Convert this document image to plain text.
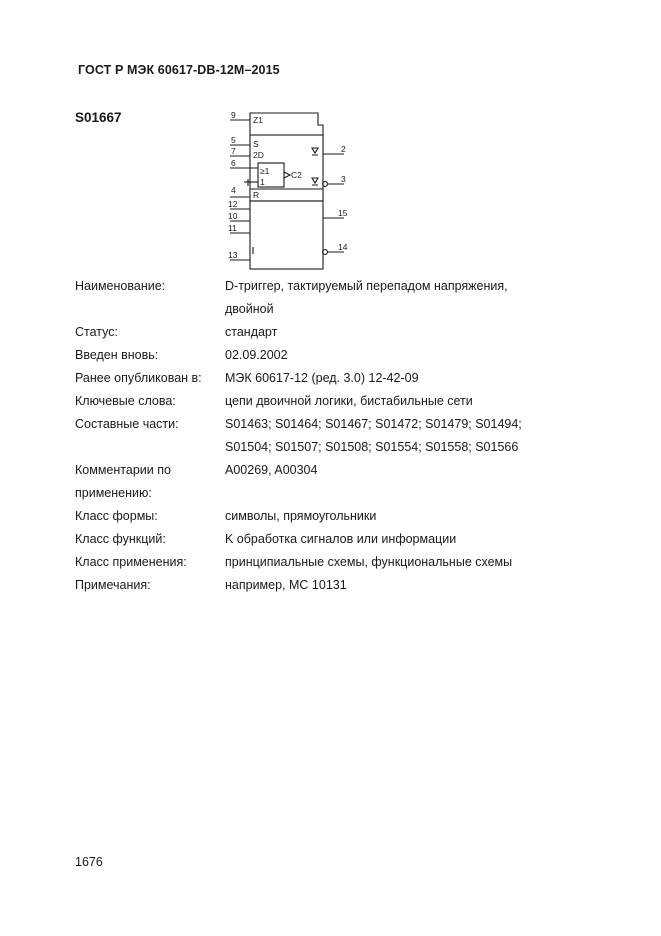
ГОСТ Р МЭК 60617-DB-12M–2015
S01667	9
5
7
6
4
12
10
11
13
2
3
15
14
Z1
S
2D
≥1
1
C2
R
Наименование:	D-триггер, тактируемый перепадом напряжения,
двойной
Статус:	стандарт
Введен вновь:	02.09.2002
Ранее опубликован в:	МЭК 60617-12 (ред. 3.0) 12-42-09
Ключевые слова:	цепи двоичной логики, бистабильные сети
Составные части:	S01463; S01464; S01467; S01472; S01479; S01494;
S01504; S01507; S01508; S01554; S01558; S01566
Комментарии по применению:
A00269, A00304
Класс формы:	символы, прямоугольники
Класс функций:	K обработка сигналов или информации
Класс применения:	принципиальные схемы, функциональные схемы
Примечания:	например, МС 10131
1676
